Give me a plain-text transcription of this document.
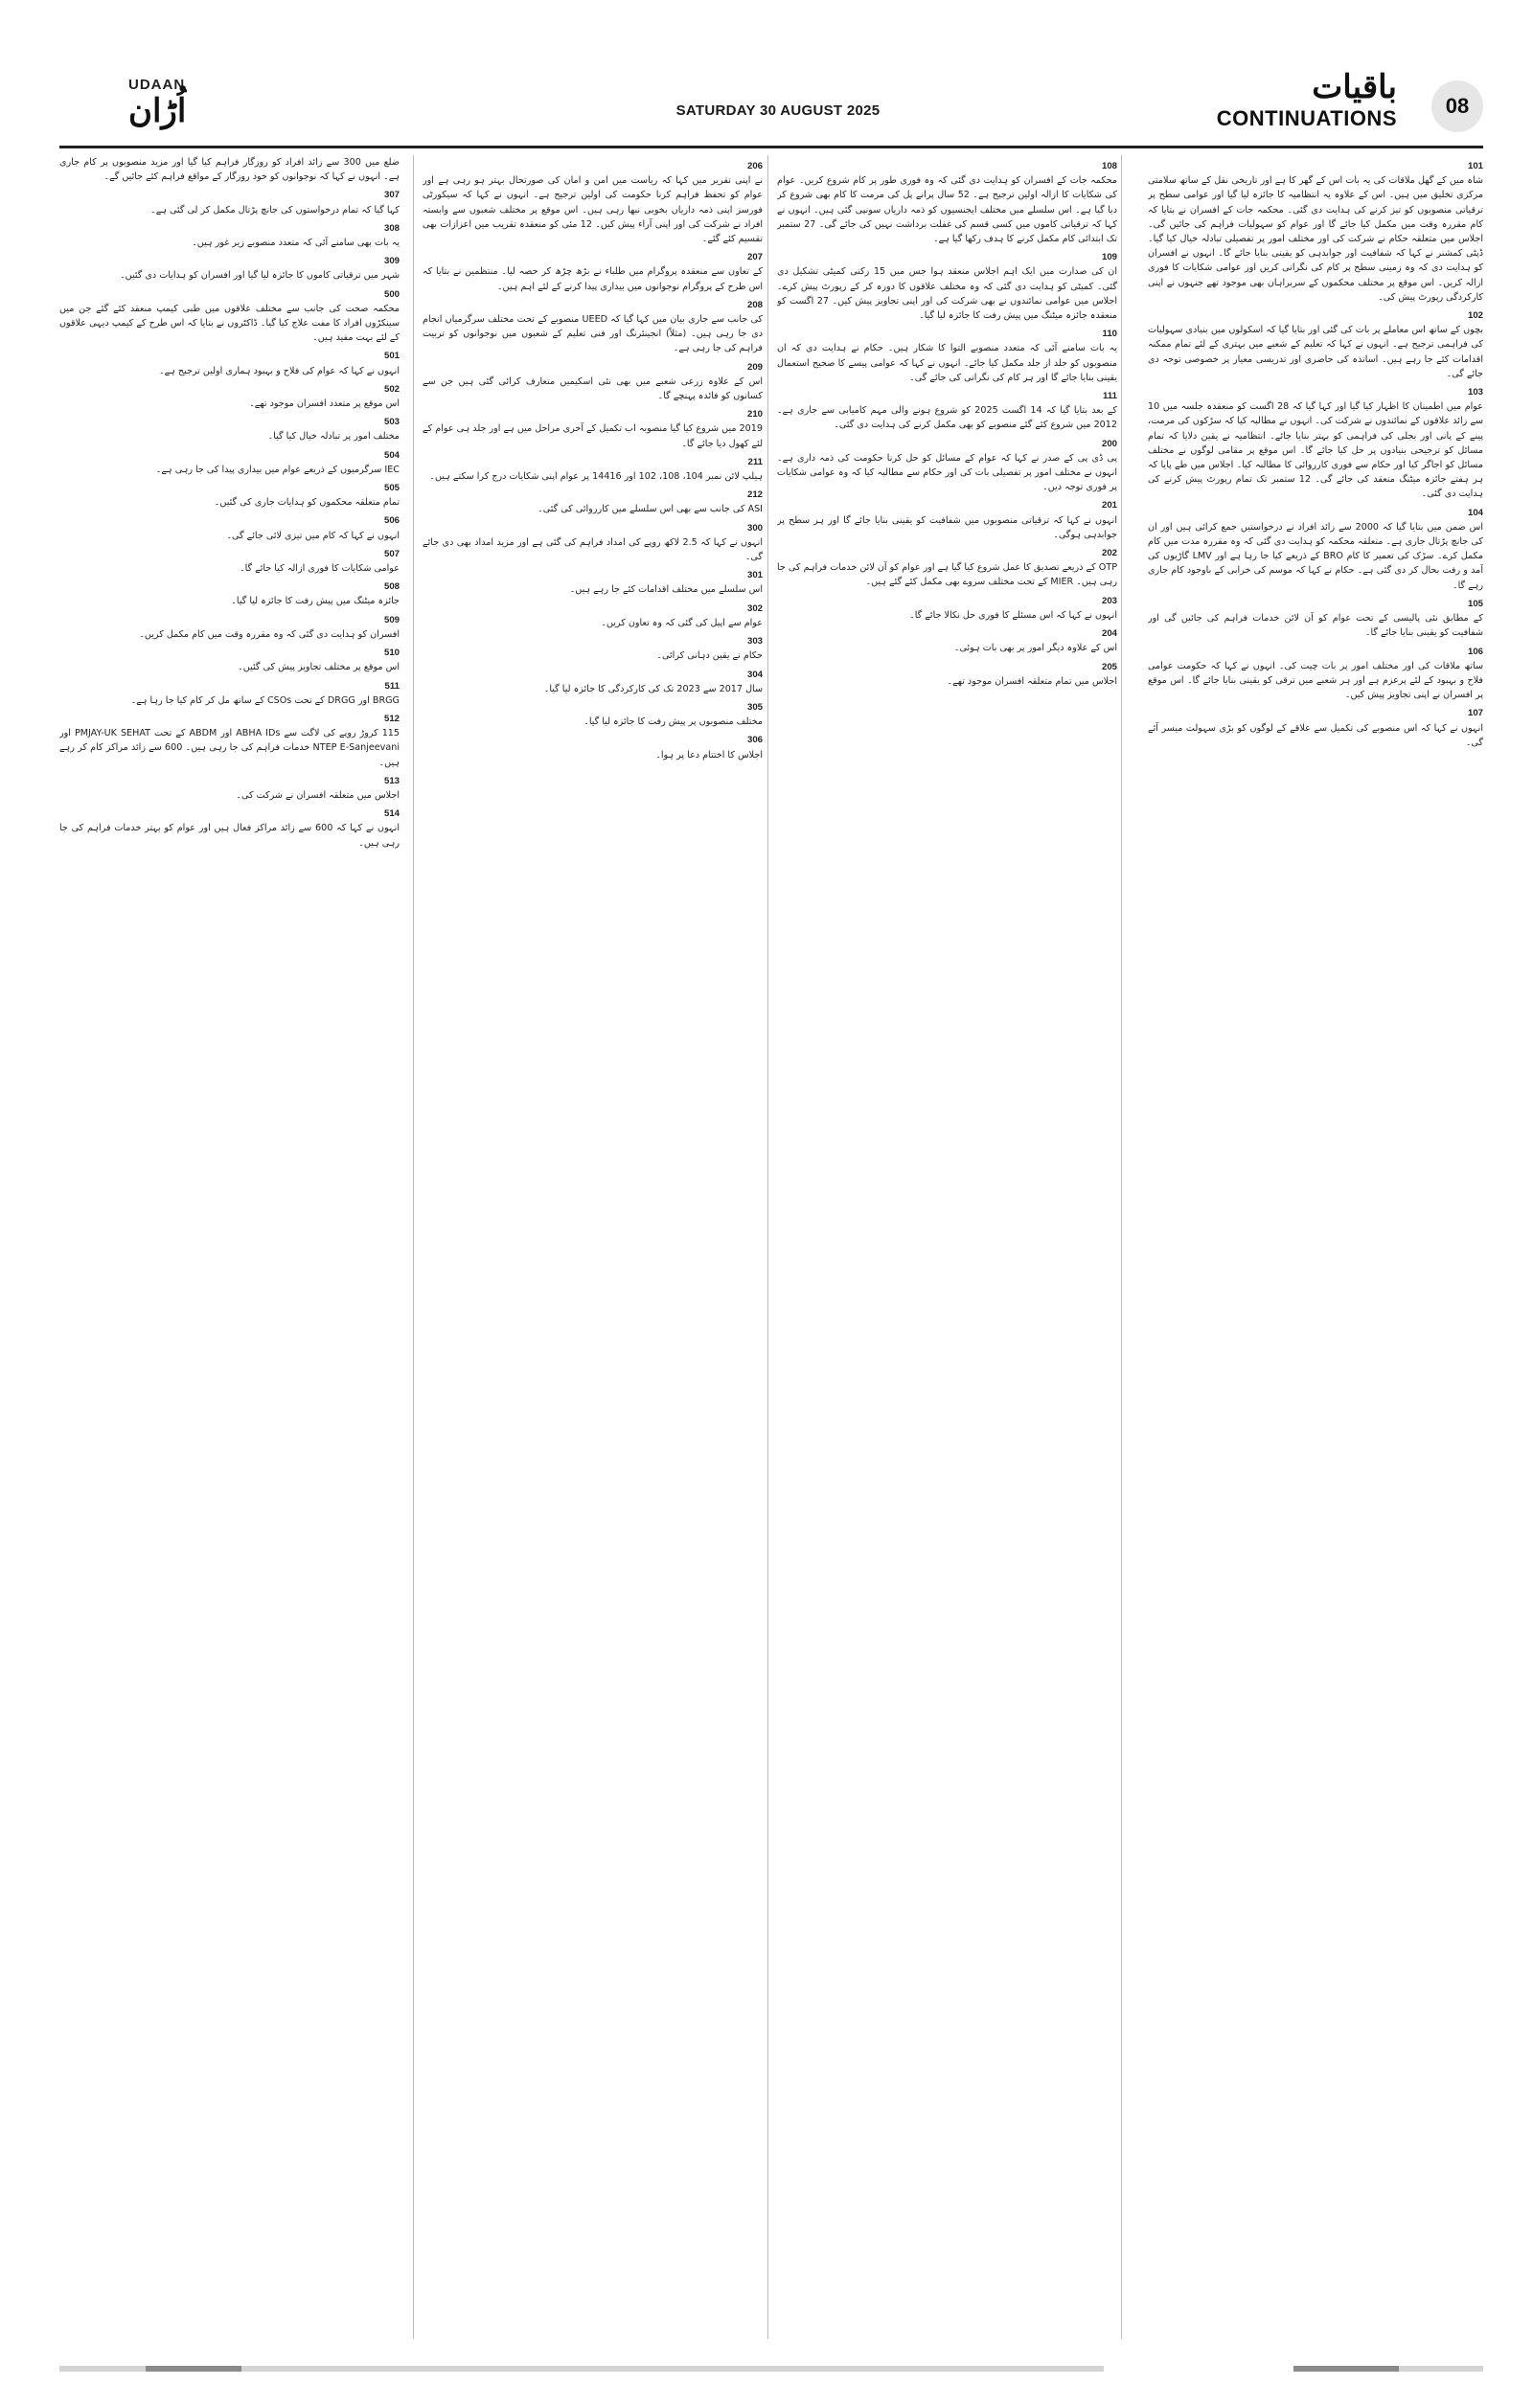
UDAAN
اُڑان	SATURDAY 30 AUGUST 2025
باقیات
CONTINUATIONS
08
101

شاہ میں کے گھل ملاقات کی یہ بات اس کے گھر کا ہے اور تاریخی نقل کے ساتھ سلامتی مرکزی تخلیق میں ہیں۔ اس کے علاوہ یہ انتظامیہ کا جائزہ لیا گیا اور عوامی سطح پر ترقیاتی منصوبوں کو تیز کرنے کی ہدایت دی گئی۔ محکمہ جات کے افسران نے بتایا کہ کام مقررہ وقت میں مکمل کیا جائے گا اور عوام کو سہولیات فراہم کی جائیں گی۔ اجلاس میں متعلقہ حکام نے شرکت کی اور مختلف امور پر تفصیلی تبادلہ خیال کیا گیا۔ ڈپٹی کمشنر نے کہا کہ شفافیت اور جوابدہی کو یقینی بنایا جائے گا۔ انہوں نے افسران کو ہدایت دی کہ وہ زمینی سطح پر کام کی نگرانی کریں اور عوامی شکایات کا فوری ازالہ کریں۔ اس موقع پر مختلف محکموں کے سربراہان بھی موجود تھے جنہوں نے اپنی کارکردگی رپورٹ پیش کی۔

102

بچوں کے ساتھ اس معاملے پر بات کی گئی اور بتایا گیا کہ اسکولوں میں بنیادی سہولیات کی فراہمی ترجیح ہے۔ انہوں نے کہا کہ تعلیم کے شعبے میں بہتری کے لئے تمام ممکنہ اقدامات کئے جا رہے ہیں۔ اساتذہ کی حاضری اور تدریسی معیار پر خصوصی توجہ دی جائے گی۔

103

عوام میں اطمینان کا اظہار کیا گیا اور کہا گیا کہ 28 اگست کو منعقدہ جلسہ میں 10 سے زائد علاقوں کے نمائندوں نے شرکت کی۔ انہوں نے مطالبہ کیا کہ سڑکوں کی مرمت، پینے کے پانی اور بجلی کی فراہمی کو بہتر بنایا جائے۔ انتظامیہ نے یقین دلایا کہ تمام مسائل کو ترجیحی بنیادوں پر حل کیا جائے گا۔ اس موقع پر مقامی لوگوں نے مختلف مسائل کو اجاگر کیا اور حکام سے فوری کارروائی کا مطالبہ کیا۔ اجلاس میں طے پایا کہ ہر ہفتے جائزہ میٹنگ منعقد کی جائے گی۔ 12 ستمبر تک تمام رپورٹ پیش کرنے کی ہدایت دی گئی۔

104

اس ضمن میں بتایا گیا کہ 2000 سے زائد افراد نے درخواستیں جمع کرائی ہیں اور ان کی جانچ پڑتال جاری ہے۔ متعلقہ محکمہ کو ہدایت دی گئی کہ وہ مقررہ مدت میں کام مکمل کرے۔ سڑک کی تعمیر کا کام BRO کے ذریعے کیا جا رہا ہے اور LMV گاڑیوں کی آمد و رفت بحال کر دی گئی ہے۔ حکام نے کہا کہ موسم کی خرابی کے باوجود کام جاری رہے گا۔

105

کے مطابق نئی پالیسی کے تحت عوام کو آن لائن خدمات فراہم کی جائیں گی اور شفافیت کو یقینی بنایا جائے گا۔

106

ساتھ ملاقات کی اور مختلف امور پر بات چیت کی۔ انہوں نے کہا کہ حکومت عوامی فلاح و بہبود کے لئے پرعزم ہے اور ہر شعبے میں ترقی کو یقینی بنایا جائے گا۔ اس موقع پر افسران نے اپنی تجاویز پیش کیں۔

107

انہوں نے کہا کہ اس منصوبے کی تکمیل سے علاقے کے لوگوں کو بڑی سہولت میسر آئے گی۔

108

محکمہ جات کے افسران کو ہدایت دی گئی کہ وہ فوری طور پر کام شروع کریں۔ عوام کی شکایات کا ازالہ اولین ترجیح ہے۔ 52 سال پرانے پل کی مرمت کا کام بھی شروع کر دیا گیا ہے۔ اس سلسلے میں مختلف ایجنسیوں کو ذمہ داریاں سونپی گئی ہیں۔ انہوں نے کہا کہ ترقیاتی کاموں میں کسی قسم کی غفلت برداشت نہیں کی جائے گی۔ 27 ستمبر تک ابتدائی کام مکمل کرنے کا ہدف رکھا گیا ہے۔

109

ان کی صدارت میں ایک اہم اجلاس منعقد ہوا جس میں 15 رکنی کمیٹی تشکیل دی گئی۔ کمیٹی کو ہدایت دی گئی کہ وہ مختلف علاقوں کا دورہ کر کے رپورٹ پیش کرے۔ اجلاس میں عوامی نمائندوں نے بھی شرکت کی اور اپنی تجاویز پیش کیں۔ 27 اگست کو منعقدہ جائزہ میٹنگ میں پیش رفت کا جائزہ لیا گیا۔

110

یہ بات سامنے آئی کہ متعدد منصوبے التوا کا شکار ہیں۔ حکام نے ہدایت دی کہ ان منصوبوں کو جلد از جلد مکمل کیا جائے۔ انہوں نے کہا کہ عوامی پیسے کا صحیح استعمال یقینی بنایا جائے گا اور ہر کام کی نگرانی کی جائے گی۔

111

کے بعد بتایا گیا کہ 14 اگست 2025 کو شروع ہونے والی مہم کامیابی سے جاری ہے۔ 2012 میں شروع کئے گئے منصوبے کو بھی مکمل کرنے کی ہدایت دی گئی۔

200

پی ڈی پی کے صدر نے کہا کہ عوام کے مسائل کو حل کرنا حکومت کی ذمہ داری ہے۔ انہوں نے مختلف امور پر تفصیلی بات کی اور حکام سے مطالبہ کیا کہ وہ عوامی شکایات پر فوری توجہ دیں۔

201

انہوں نے کہا کہ ترقیاتی منصوبوں میں شفافیت کو یقینی بنایا جائے گا اور ہر سطح پر جوابدہی ہوگی۔

202

OTP کے ذریعے تصدیق کا عمل شروع کیا گیا ہے اور عوام کو آن لائن خدمات فراہم کی جا رہی ہیں۔ MIER کے تحت مختلف سروے بھی مکمل کئے گئے ہیں۔

203

انہوں نے کہا کہ اس مسئلے کا فوری حل نکالا جائے گا۔

204

اس کے علاوہ دیگر امور پر بھی بات ہوئی۔

205

اجلاس میں تمام متعلقہ افسران موجود تھے۔

206

نے اپنی تقریر میں کہا کہ ریاست میں امن و امان کی صورتحال بہتر ہو رہی ہے اور عوام کو تحفظ فراہم کرنا حکومت کی اولین ترجیح ہے۔ انہوں نے کہا کہ سیکورٹی فورسز اپنی ذمہ داریاں بخوبی نبھا رہی ہیں۔ اس موقع پر مختلف شعبوں سے وابستہ افراد نے شرکت کی اور اپنی آراء پیش کیں۔ 12 مئی کو منعقدہ تقریب میں اعزازات بھی تقسیم کئے گئے۔

207

کے تعاون سے منعقدہ پروگرام میں طلباء نے بڑھ چڑھ کر حصہ لیا۔ منتظمین نے بتایا کہ اس طرح کے پروگرام نوجوانوں میں بیداری پیدا کرنے کے لئے اہم ہیں۔

208

کی جانب سے جاری بیان میں کہا گیا کہ UEED منصوبے کے تحت مختلف سرگرمیاں انجام دی جا رہی ہیں۔ (مثلاً) انجینئرنگ اور فنی تعلیم کے شعبوں میں نوجوانوں کو تربیت فراہم کی جا رہی ہے۔

209

اس کے علاوہ زرعی شعبے میں بھی نئی اسکیمیں متعارف کرائی گئی ہیں جن سے کسانوں کو فائدہ پہنچے گا۔

210

2019 میں شروع کیا گیا منصوبہ اب تکمیل کے آخری مراحل میں ہے اور جلد ہی عوام کے لئے کھول دیا جائے گا۔

211

ہیلپ لائن نمبر 104، 108، 102 اور 14416 پر عوام اپنی شکایات درج کرا سکتے ہیں۔

212

ASI کی جانب سے بھی اس سلسلے میں کارروائی کی گئی۔

300

انہوں نے کہا کہ 2.5 لاکھ روپے کی امداد فراہم کی گئی ہے اور مزید امداد بھی دی جائے گی۔

301

اس سلسلے میں مختلف اقدامات کئے جا رہے ہیں۔

302

عوام سے اپیل کی گئی کہ وہ تعاون کریں۔

303

حکام نے یقین دہانی کرائی۔

304

سال 2017 سے 2023 تک کی کارکردگی کا جائزہ لیا گیا۔

305

مختلف منصوبوں پر پیش رفت کا جائزہ لیا گیا۔

306

اجلاس کا اختتام دعا پر ہوا۔

ضلع میں 300 سے زائد افراد کو روزگار فراہم کیا گیا اور مزید منصوبوں پر کام جاری ہے۔ انہوں نے کہا کہ نوجوانوں کو خود روزگار کے مواقع فراہم کئے جائیں گے۔

307

کہا گیا کہ تمام درخواستوں کی جانچ پڑتال مکمل کر لی گئی ہے۔

308

یہ بات بھی سامنے آئی کہ متعدد منصوبے زیر غور ہیں۔

309

شہر میں ترقیاتی کاموں کا جائزہ لیا گیا اور افسران کو ہدایات دی گئیں۔

500

محکمہ صحت کی جانب سے مختلف علاقوں میں طبی کیمپ منعقد کئے گئے جن میں سینکڑوں افراد کا مفت علاج کیا گیا۔ ڈاکٹروں نے بتایا کہ اس طرح کے کیمپ دیہی علاقوں کے لئے بہت مفید ہیں۔

501

انہوں نے کہا کہ عوام کی فلاح و بہبود ہماری اولین ترجیح ہے۔

502

اس موقع پر متعدد افسران موجود تھے۔

503

مختلف امور پر تبادلہ خیال کیا گیا۔

504

IEC سرگرمیوں کے ذریعے عوام میں بیداری پیدا کی جا رہی ہے۔

505

تمام متعلقہ محکموں کو ہدایات جاری کی گئیں۔

506

انہوں نے کہا کہ کام میں تیزی لائی جائے گی۔

507

عوامی شکایات کا فوری ازالہ کیا جائے گا۔

508

جائزہ میٹنگ میں پیش رفت کا جائزہ لیا گیا۔

509

افسران کو ہدایت دی گئی کہ وہ مقررہ وقت میں کام مکمل کریں۔

510

اس موقع پر مختلف تجاویز پیش کی گئیں۔

511

BRGG اور DRGG کے تحت CSOs کے ساتھ مل کر کام کیا جا رہا ہے۔

512

115 کروڑ روپے کی لاگت سے ABHA IDs اور ABDM کے تحت PMJAY-UK SEHAT اور NTEP E-Sanjeevani خدمات فراہم کی جا رہی ہیں۔ 600 سے زائد مراکز کام کر رہے ہیں۔

513

اجلاس میں متعلقہ افسران نے شرکت کی۔

514

انہوں نے کہا کہ 600 سے زائد مراکز فعال ہیں اور عوام کو بہتر خدمات فراہم کی جا رہی ہیں۔
